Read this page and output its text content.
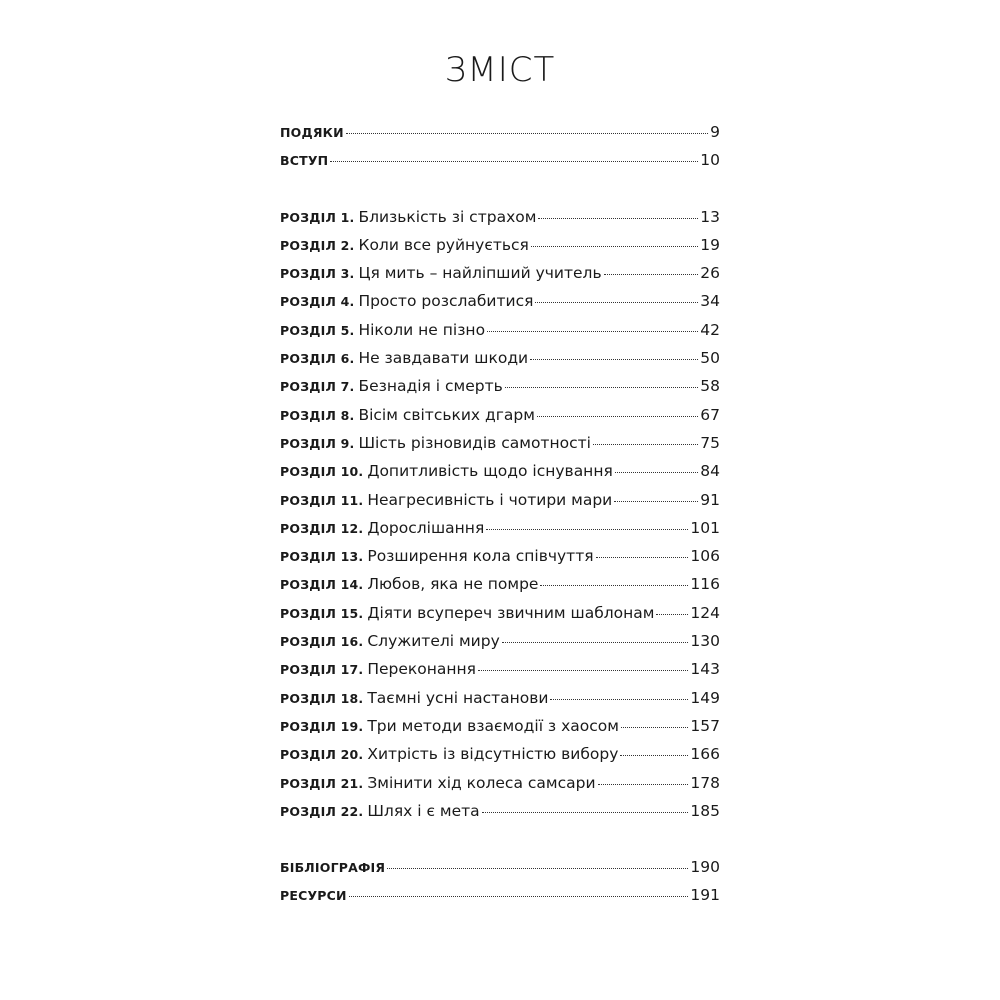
ЗМІСТ
ПОДЯКИ	9
ВСТУП	10
РОЗДІЛ 1. Близькість зі страхом	13
РОЗДІЛ 2. Коли все руйнується	19
РОЗДІЛ 3. Ця мить – найліпший учитель	26
РОЗДІЛ 4. Просто розслабитися	34
РОЗДІЛ 5. Ніколи не пізно	42
РОЗДІЛ 6. Не завдавати шкоди	50
РОЗДІЛ 7. Безнадія і смерть	58
РОЗДІЛ 8. Вісім світських дгарм	67
РОЗДІЛ 9. Шість різновидів самотності	75
РОЗДІЛ 10. Допитливість щодо існування	84
РОЗДІЛ 11. Неагресивність і чотири мари	91
РОЗДІЛ 12. Дорослішання	101
РОЗДІЛ 13. Розширення кола співчуття	106
РОЗДІЛ 14. Любов, яка не помре	116
РОЗДІЛ 15. Діяти всупереч звичним шаблонам 124
РОЗДІЛ 16. Служителі миру	130
РОЗДІЛ 17. Переконання	143
РОЗДІЛ 18. Таємні усні настанови	149
РОЗДІЛ 19. Три методи взаємодії з хаосом	157
РОЗДІЛ 20. Хитрість із відсутністю вибору	166
РОЗДІЛ 21. Змінити хід колеса самсари	178
РОЗДІЛ 22. Шлях і є мета	185
БІБЛІОГРАФІЯ	190
РЕСУРСИ	191
